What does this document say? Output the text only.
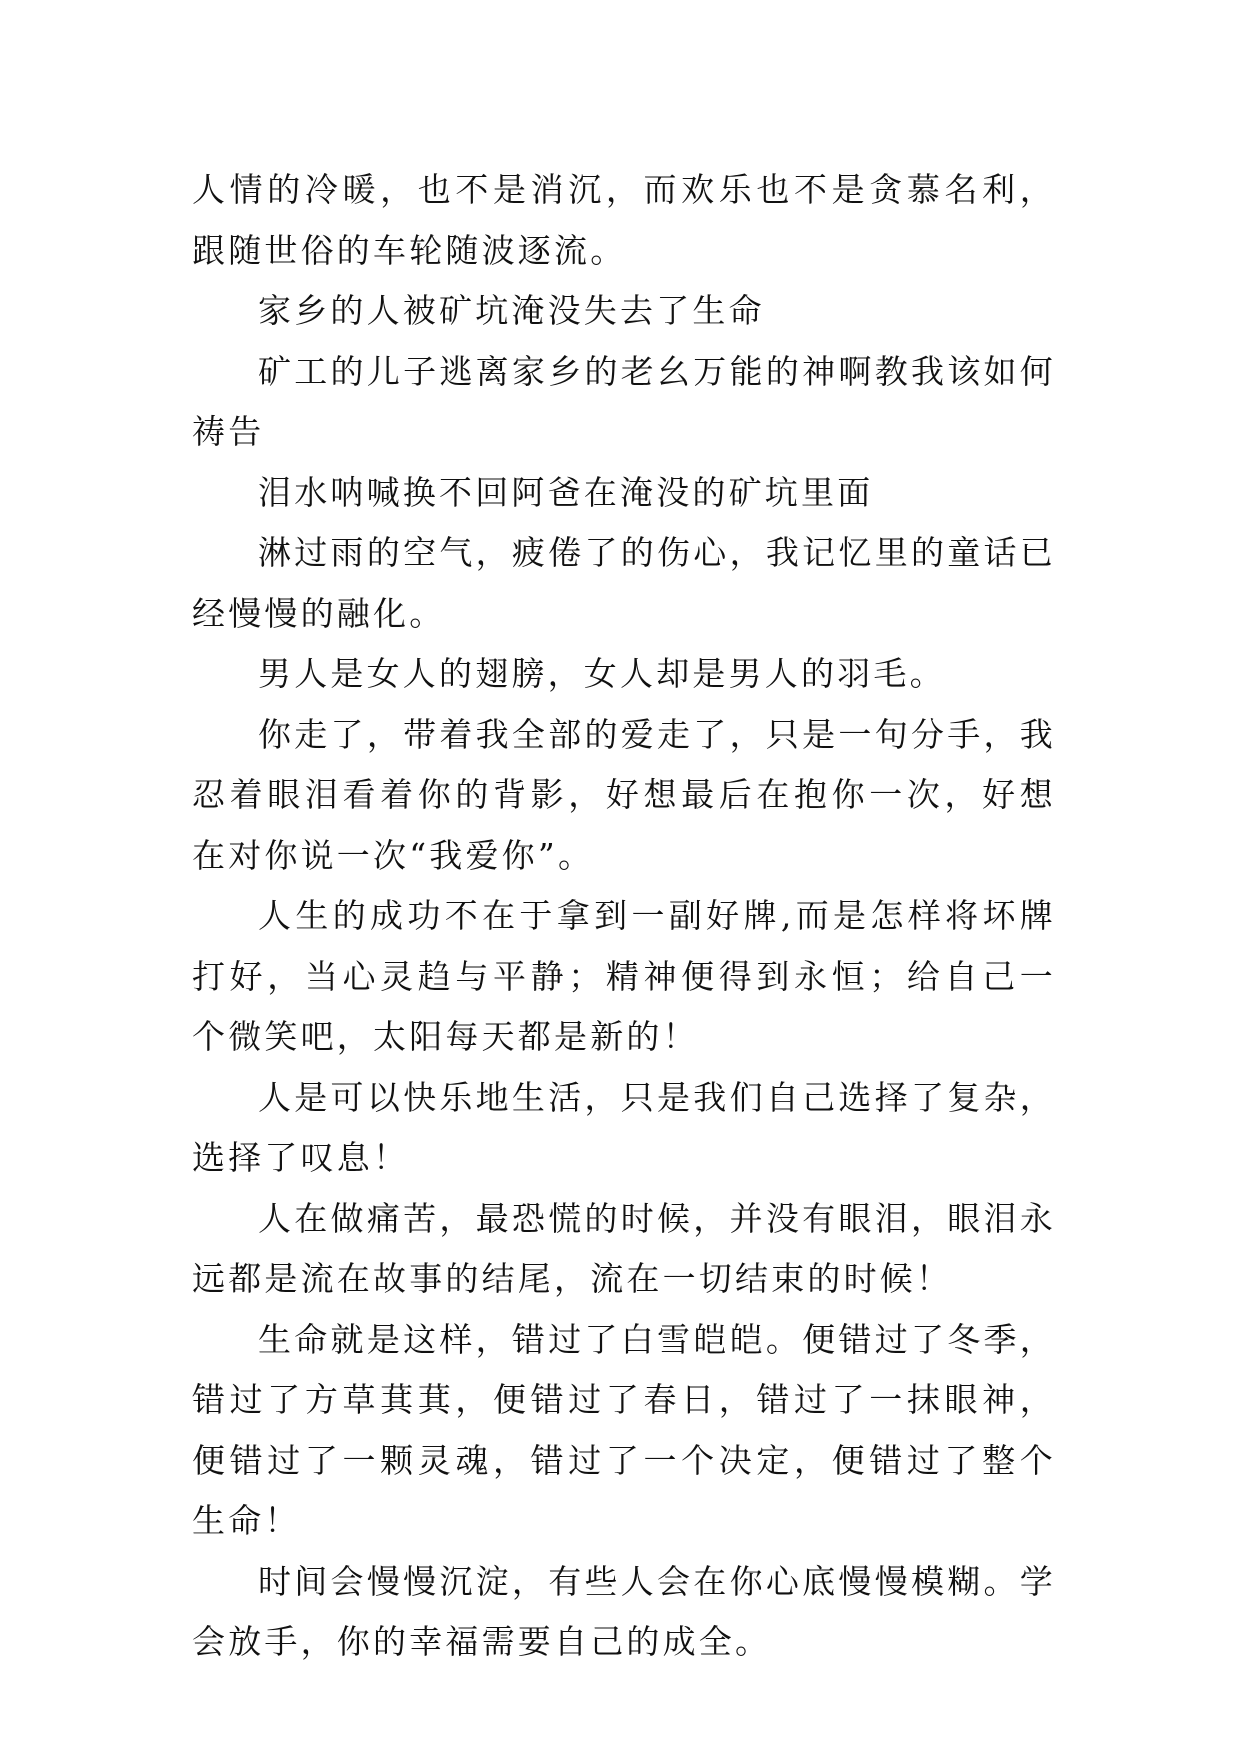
人情的冷暖，也不是消沉，而欢乐也不是贪慕名利，跟随世俗的车轮随波逐流。

家乡的人被矿坑淹没失去了生命

矿工的儿子逃离家乡的老幺万能的神啊教我该如何祷告

泪水呐喊换不回阿爸在淹没的矿坑里面

淋过雨的空气，疲倦了的伤心，我记忆里的童话已经慢慢的融化。

男人是女人的翅膀，女人却是男人的羽毛。

你走了，带着我全部的爱走了，只是一句分手，我忍着眼泪看着你的背影，好想最后在抱你一次，好想在对你说一次“我爱你”。

人生的成功不在于拿到一副好牌,而是怎样将坏牌打好，当心灵趋与平静；精神便得到永恒；给自己一个微笑吧，太阳每天都是新的！

人是可以快乐地生活，只是我们自己选择了复杂，选择了叹息！

人在做痛苦，最恐慌的时候，并没有眼泪，眼泪永远都是流在故事的结尾，流在一切结束的时候！

生命就是这样，错过了白雪皑皑。便错过了冬季，错过了方草萁萁，便错过了春日，错过了一抹眼神，便错过了一颗灵魂，错过了一个决定，便错过了整个生命！

时间会慢慢沉淀，有些人会在你心底慢慢模糊。学会放手，你的幸福需要自己的成全。
